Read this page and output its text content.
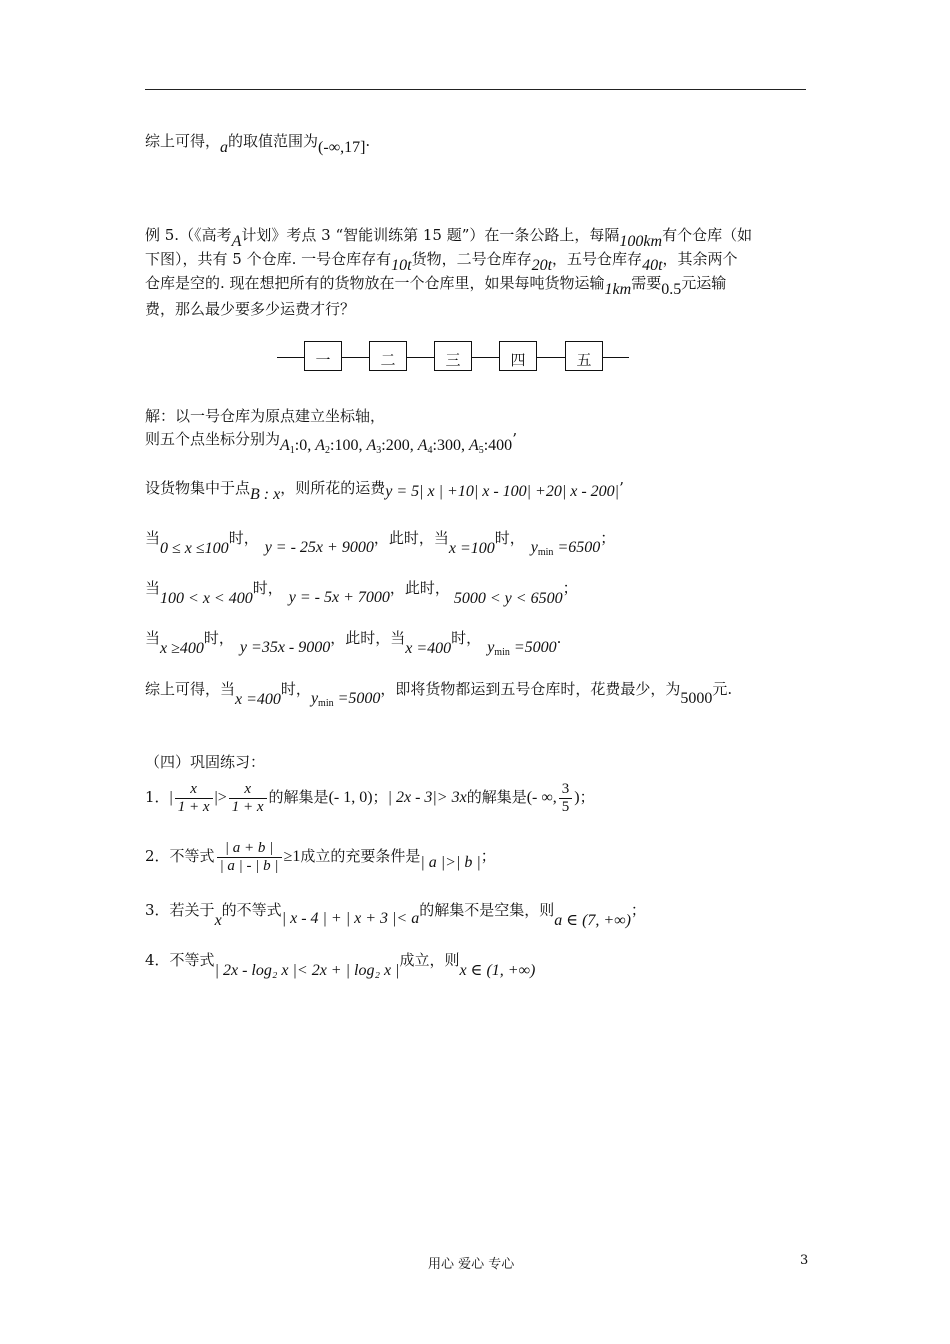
综上可得，a的取值范围为(-∞,17].
例 5.（《高考A计划》考点 3 “智能训练第 15 题”）在一条公路上，每隔100km有个仓库（如
下图），共有 5 个仓库. 一号仓库存有10t货物，二号仓库存20t，五号仓库存40t，其余两个
仓库是空的. 现在想把所有的货物放在一个仓库里，如果每吨货物运输1km需要0.5元运输
费，那么最少要多少运费才行？
一	二	三	四	五
解：以一号仓库为原点建立坐标轴，
则五个点坐标分别为$A_1:0$, $A_2:100$, $A_3:200$, $A_4:300$, $A_5:400$’
设货物集中于点B : x，则所花的运费y = 5| x | +10| x - 100| +20| x - 200|’
当0 ≤ x ≤100时，y = - 25x + 9000，此时，当x =100时，$y_{min} =6500$；
当100 < x < 400时，y = - 5x + 7000，此时，5000 < y < 6500；
当x ≥400时，y =35x - 9000，此时，当x =400时，$y_{min} =5000$.
综上可得，当x =400时，$y_{min} =5000$，即将货物都运到五号仓库时，花费最少，为5000元.
（四）巩固练习：
1．| $\frac{x}{1 + x}$ |> $\frac{x}{1 + x}$ 的解集是(- 1, 0)；| 2x - 3|> 3x的解集是(- ∞, $\frac{3}{5}$ )；
2．不等式 $\frac{| a + b |}{| a | - | b |} \ge 1$成立的充要条件是| a |>| b |；
3．若关于x的不等式| x - 4 | + | x + 3 |< a的解集不是空集，则a ∈ (7, +∞)；
4．不等式| 2x - log₂ x |< 2x + | log₂ x |成立，则x ∈ (1, +∞)
用心 爱心 专心	3
